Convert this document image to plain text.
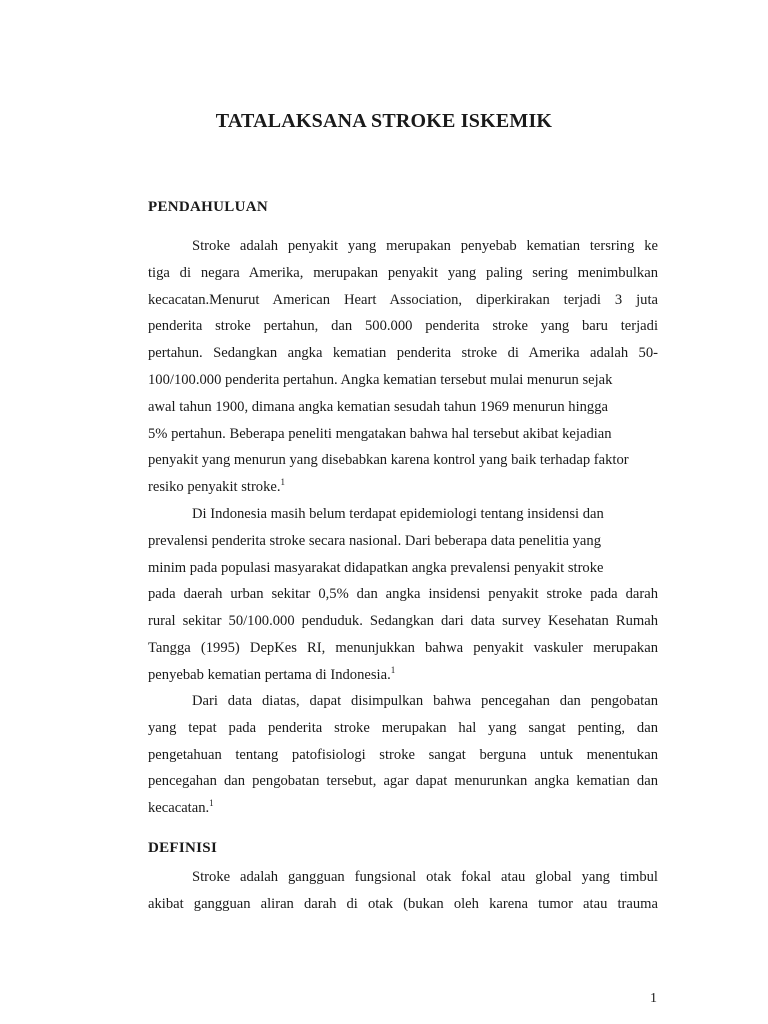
TATALAKSANA STROKE ISKEMIK
PENDAHULUAN
Stroke adalah penyakit yang merupakan penyebab kematian tersring ke
tiga di negara Amerika, merupakan penyakit yang paling sering menimbulkan
kecacatan.Menurut American Heart Association, diperkirakan terjadi 3 juta
penderita stroke pertahun, dan 500.000 penderita stroke yang baru terjadi
pertahun. Sedangkan angka kematian penderita stroke di Amerika adalah 50-
100/100.000 penderita pertahun. Angka kematian tersebut mulai menurun sejak
awal tahun 1900, dimana angka kematian sesudah tahun 1969 menurun hingga
5% pertahun. Beberapa peneliti mengatakan bahwa hal tersebut akibat kejadian
penyakit yang menurun yang disebabkan karena kontrol yang baik terhadap faktor
resiko penyakit stroke.$^1$
Di Indonesia masih belum terdapat epidemiologi tentang insidensi dan
prevalensi penderita stroke secara nasional. Dari beberapa data penelitia yang
minim pada populasi masyarakat didapatkan angka prevalensi penyakit stroke
pada daerah urban sekitar 0,5% dan angka insidensi penyakit stroke pada darah
rural sekitar 50/100.000 penduduk. Sedangkan dari data survey Kesehatan Rumah
Tangga (1995) DepKes RI, menunjukkan bahwa penyakit vaskuler merupakan
penyebab kematian pertama di Indonesia.$^1$
Dari data diatas, dapat disimpulkan bahwa pencegahan dan pengobatan
yang tepat pada penderita stroke merupakan hal yang sangat penting, dan
pengetahuan tentang patofisiologi stroke sangat berguna untuk menentukan
pencegahan dan pengobatan tersebut, agar dapat menurunkan angka kematian dan
kecacatan.$^1$
DEFINISI
Stroke adalah gangguan fungsional otak fokal atau global yang timbul
akibat gangguan aliran darah di otak (bukan oleh karena tumor atau trauma
1
